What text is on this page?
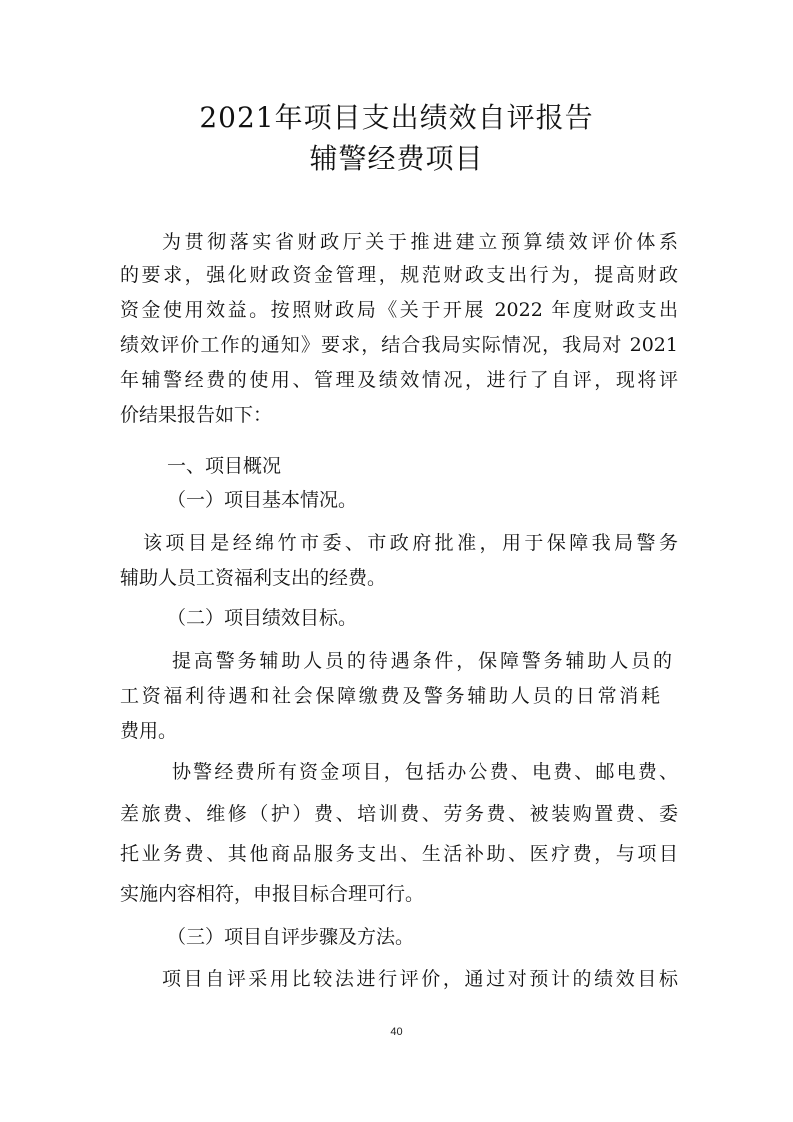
2021年项目支出绩效自评报告
辅警经费项目
为贯彻落实省财政厅关于推进建立预算绩效评价体系
的要求，强化财政资金管理，规范财政支出行为，提高财政
资金使用效益。按照财政局《关于开展 2022 年度财政支出
绩效评价工作的通知》要求，结合我局实际情况，我局对 2021
年辅警经费的使用、管理及绩效情况，进行了自评，现将评
价结果报告如下：
一、项目概况
（一）项目基本情况。
该项目是经绵竹市委、市政府批准，用于保障我局警务
辅助人员工资福利支出的经费。
（二）项目绩效目标。
提高警务辅助人员的待遇条件，保障警务辅助人员的
工资福利待遇和社会保障缴费及警务辅助人员的日常消耗
费用。
协警经费所有资金项目，包括办公费、电费、邮电费、
差旅费、维修（护）费、培训费、劳务费、被装购置费、委
托业务费、其他商品服务支出、生活补助、医疗费，与项目
实施内容相符，申报目标合理可行。
（三）项目自评步骤及方法。
项目自评采用比较法进行评价，通过对预计的绩效目标
40
